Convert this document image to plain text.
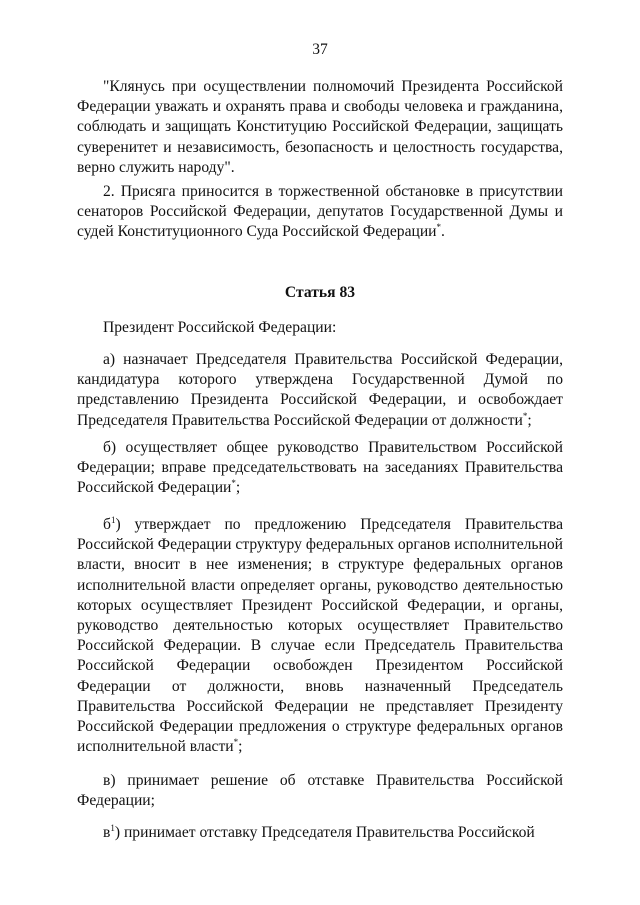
37
"Клянусь при осуществлении полномочий Президента Российской Федерации уважать и охранять права и свободы человека и гражданина, соблюдать и защищать Конституцию Российской Федерации, защищать суверенитет и независимость, безопасность и целостность государства, верно служить народу".
2. Присяга приносится в торжественной обстановке в присутствии сенаторов Российской Федерации, депутатов Государственной Думы и судей Конституционного Суда Российской Федерации*.
Статья 83
Президент Российской Федерации:
а) назначает Председателя Правительства Российской Федерации, кандидатура которого утверждена Государственной Думой по представлению Президента Российской Федерации, и освобождает Председателя Правительства Российской Федерации от должности*;
б) осуществляет общее руководство Правительством Российской Федерации; вправе председательствовать на заседаниях Правительства Российской Федерации*;
$б^1$) утверждает по предложению Председателя Правительства Российской Федерации структуру федеральных органов исполнительной власти, вносит в нее изменения; в структуре федеральных органов исполнительной власти определяет органы, руководство деятельностью которых осуществляет Президент Российской Федерации, и органы, руководство деятельностью которых осуществляет Правительство Российской Федерации. В случае если Председатель Правительства Российской Федерации освобожден Президентом Российской Федерации от должности, вновь назначенный Председатель Правительства Российской Федерации не представляет Президенту Российской Федерации предложения о структуре федеральных органов исполнительной власти*;
в) принимает решение об отставке Правительства Российской Федерации;
$в^1$) принимает отставку Председателя Правительства Российской
